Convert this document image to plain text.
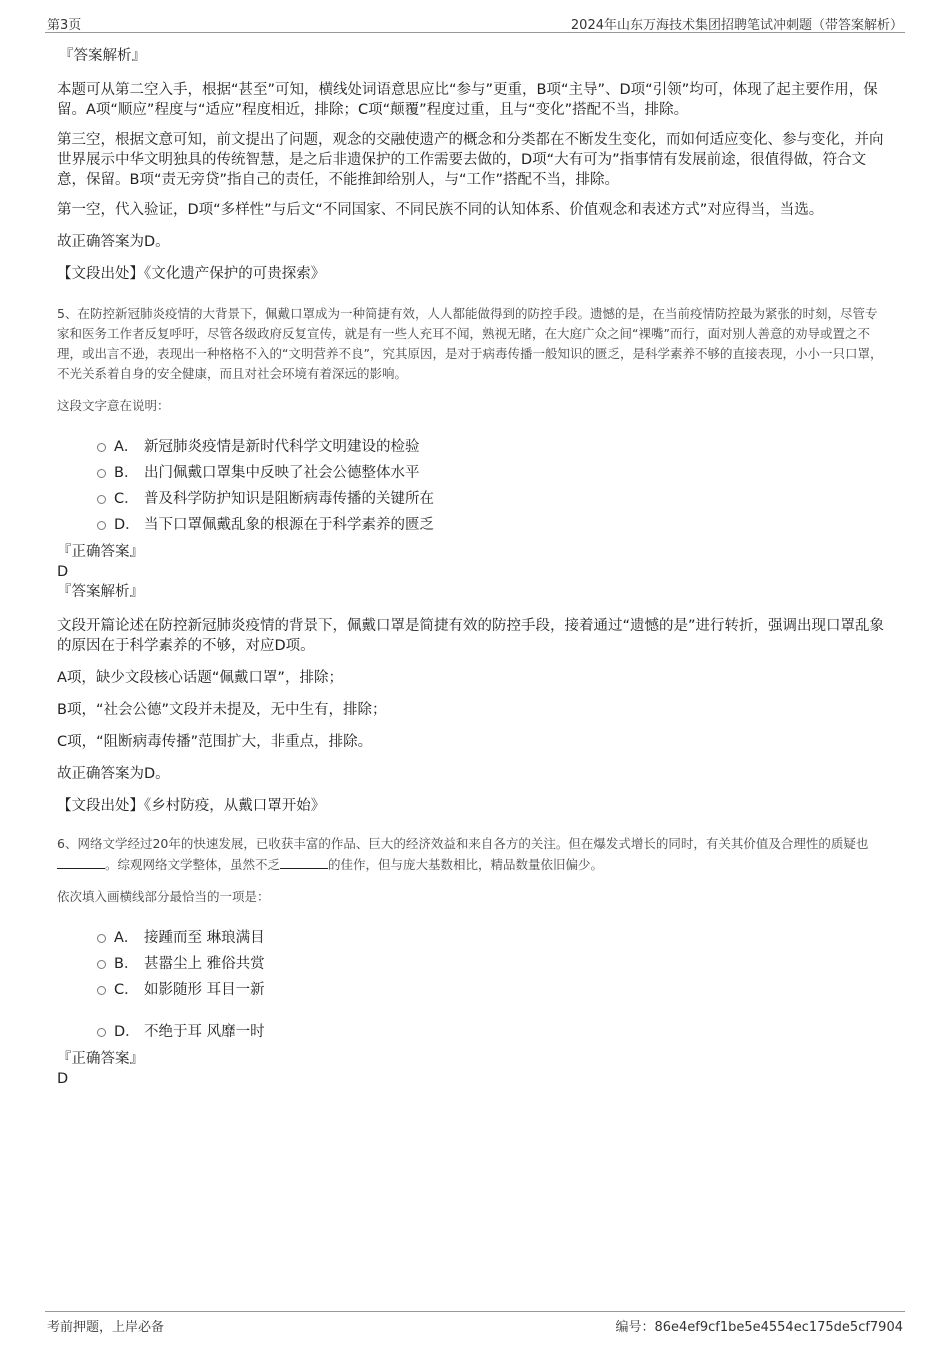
第3页	2024年山东万海技术集团招聘笔试冲刺题（带答案解析）

『答案解析』

本题可从第二空入手，根据“甚至”可知，横线处词语意思应比“参与”更重，B项“主导”、D项“引领”均可，体现了起主要作用，保留。A项“顺应”程度与“适应”程度相近，排除；C项“颠覆”程度过重，且与“变化”搭配不当，排除。

第三空，根据文意可知，前文提出了问题，观念的交融使遗产的概念和分类都在不断发生变化，而如何适应变化、参与变化，并向世界展示中华文明独具的传统智慧，是之后非遗保护的工作需要去做的，D项“大有可为”指事情有发展前途，很值得做，符合文意，保留。B项“责无旁贷”指自己的责任，不能推卸给别人，与“工作”搭配不当，排除。

第一空，代入验证，D项“多样性”与后文“不同国家、不同民族不同的认知体系、价值观念和表述方式”对应得当，当选。

故正确答案为D。

【文段出处】《文化遗产保护的可贵探索》

5、在防控新冠肺炎疫情的大背景下，佩戴口罩成为一种简捷有效，人人都能做得到的防控手段。遗憾的是，在当前疫情防控最为紧张的时刻，尽管专家和医务工作者反复呼吁，尽管各级政府反复宣传，就是有一些人充耳不闻，熟视无睹，在大庭广众之间“裸嘴”而行，面对别人善意的劝导或置之不理，或出言不逊，表现出一种格格不入的“文明营养不良”，究其原因，是对于病毒传播一般知识的匮乏，是科学素养不够的直接表现，小小一只口罩，不光关系着自身的安全健康，而且对社会环境有着深远的影响。

这段文字意在说明：

A． 新冠肺炎疫情是新时代科学文明建设的检验
B． 出门佩戴口罩集中反映了社会公德整体水平
C． 普及科学防护知识是阻断病毒传播的关键所在
D． 当下口罩佩戴乱象的根源在于科学素养的匮乏

『正确答案』

D

『答案解析』

文段开篇论述在防控新冠肺炎疫情的背景下，佩戴口罩是简捷有效的防控手段，接着通过“遗憾的是”进行转折，强调出现口罩乱象的原因在于科学素养的不够，对应D项。

A项，缺少文段核心话题“佩戴口罩”，排除；

B项，“社会公德”文段并未提及，无中生有，排除；

C项，“阻断病毒传播”范围扩大，非重点，排除。

故正确答案为D。

【文段出处】《乡村防疫，从戴口罩开始》

6、网络文学经过20年的快速发展，已收获丰富的作品、巨大的经济效益和来自各方的关注。但在爆发式增长的同时，有关其价值及合理性的质疑也。综观网络文学整体，虽然不乏	的佳作，但与庞大基数相比，精品数量依旧偏少。

依次填入画横线部分最恰当的一项是：

A． 接踵而至 琳琅满目
B． 甚嚣尘上 雅俗共赏
C． 如影随形 耳目一新
D． 不绝于耳 风靡一时

『正确答案』

D

考前押题，上岸必备	编号：86e4ef9cf1be5e4554ec175de5cf7904
